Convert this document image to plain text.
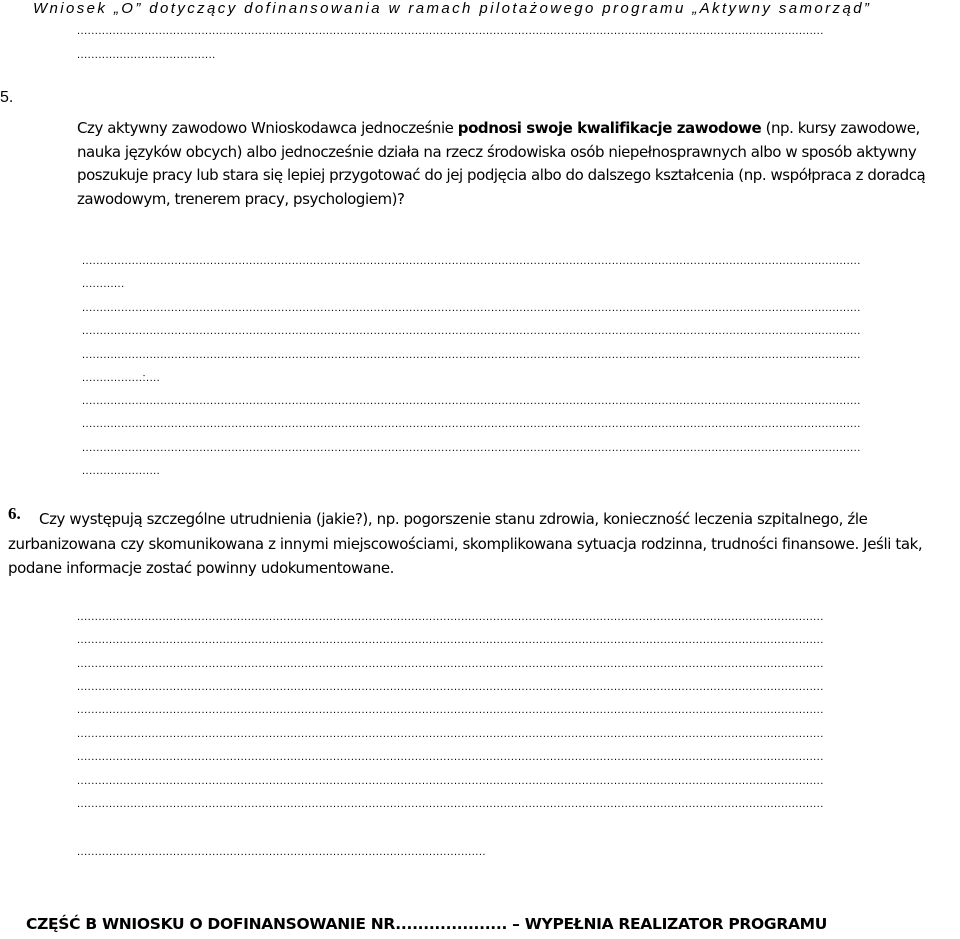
Wniosek „O” dotyczący dofinansowania w ramach pilotażowego programu „Aktywny samorząd”
..................................................................................................................................................................................................................
.......................................
5.
Czy aktywny zawodowo Wnioskodawca jednocześnie podnosi swoje kwalifikacje zawodowe (np. kursy zawodowe, nauka języków obcych) albo jednocześnie działa na rzecz środowiska osób niepełnosprawnych albo w sposób aktywny poszukuje pracy lub stara się lepiej przygotować do jej podjęcia albo do dalszego kształcenia (np. współpraca z doradcą zawodowym, trenerem pracy, psychologiem)?
...........................................................................................................................................................................................................................
............
...........................................................................................................................................................................................................................
...........................................................................................................................................................................................................................
...........................................................................................................................................................................................................................
.................:....
...........................................................................................................................................................................................................................
...........................................................................................................................................................................................................................
...........................................................................................................................................................................................................................
......................
6.	Czy występują szczególne utrudnienia (jakie?), np. pogorszenie stanu zdrowia, konieczność leczenia szpitalnego, źle zurbanizowana czy skomunikowana z innymi miejscowościami, skomplikowana sytuacja rodzinna, trudności finansowe. Jeśli tak, podane informacje zostać powinny udokumentowane.
..................................................................................................................................................................................................................
..................................................................................................................................................................................................................
..................................................................................................................................................................................................................
..................................................................................................................................................................................................................
..................................................................................................................................................................................................................
..................................................................................................................................................................................................................
..................................................................................................................................................................................................................
..................................................................................................................................................................................................................
..................................................................................................................................................................................................................
...................................................................................................................
CZĘŚĆ B WNIOSKU O DOFINANSOWANIE NR.................... – WYPEŁNIA REALIZATOR PROGRAMU
